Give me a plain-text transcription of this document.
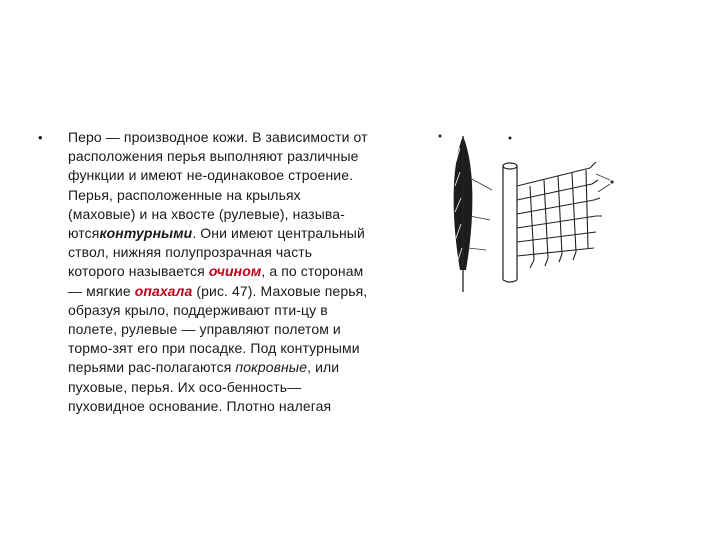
• Перо — производное кожи. В зависимости от расположения перья выполняют различные функции и имеют не-одинаковое строение. Перья, расположенные на крыльях (маховые) и на хвосте (рулевые), называ-ютсяконтурными. Они имеют центральный ствол, нижняя полупрозрачная часть которого называется очином, а по сторонам — мягкие опахала (рис. 47). Маховые перья, образуя крыло, поддерживают пти-цу в полете, рулевые — управляют полетом и тормо-зят его при посадке. Под контурными перьями рас-полагаются покровные, или пуховые, перья. Их осо-бенность—пуховидное основание. Плотно налегая
